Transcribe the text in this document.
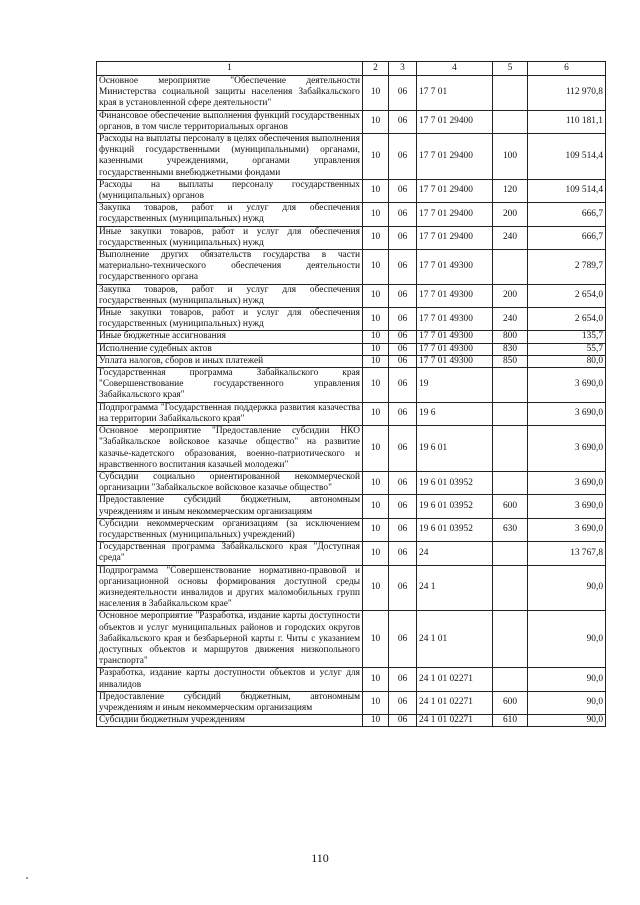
1	2	3	4	5	6
Основное мероприятие "Обеспечение деятельности Министерства социальной защиты населения Забайкальского края в установленной сфере деятельности"	10	06	17 7 01		112 970,8
Финансовое обеспечение выполнения функций государственных органов, в том числе территориальных органов	10	06	17 7 01 29400		110 181,1
Расходы на выплаты персоналу в целях обеспечения выполнения функций государственными (муниципальными) органами, казенными учреждениями, органами управления государственными внебюджетными фондами	10	06	17 7 01 29400	100	109 514,4
Расходы на выплаты персоналу государственных (муниципальных) органов	10	06	17 7 01 29400	120	109 514,4
Закупка товаров, работ и услуг для обеспечения государственных (муниципальных) нужд	10	06	17 7 01 29400	200	666,7
Иные закупки товаров, работ и услуг для обеспечения государственных (муниципальных) нужд	10	06	17 7 01 29400	240	666,7
Выполнение других обязательств государства в части материально-технического обеспечения деятельности государственного органа	10	06	17 7 01 49300		2 789,7
Закупка товаров, работ и услуг для обеспечения государственных (муниципальных) нужд	10	06	17 7 01 49300	200	2 654,0
Иные закупки товаров, работ и услуг для обеспечения государственных (муниципальных) нужд	10	06	17 7 01 49300	240	2 654,0
Иные бюджетные ассигнования	10	06	17 7 01 49300	800	135,7
Исполнение судебных актов	10	06	17 7 01 49300	830	55,7
Уплата налогов, сборов и иных платежей	10	06	17 7 01 49300	850	80,0
Государственная программа Забайкальского края "Совершенствование государственного управления Забайкальского края"	10	06	19		3 690,0
Подпрограмма "Государственная поддержка развития казачества на территории Забайкальского края"	10	06	19 6		3 690,0
Основное мероприятие "Предоставление субсидии НКО "Забайкальское войсковое казачье общество" на развитие казачье-кадетского образования, военно-патриотического и нравственного воспитания казачьей молодежи"	10	06	19 6 01		3 690,0
Субсидии социально ориентированной некоммерческой организации "Забайкальское войсковое казачье общество"	10	06	19 6 01 03952		3 690,0
Предоставление субсидий бюджетным, автономным учреждениям и иным некоммерческим организациям	10	06	19 6 01 03952	600	3 690,0
Субсидии некоммерческим организациям (за исключением государственных (муниципальных) учреждений)	10	06	19 6 01 03952	630	3 690,0
Государственная программа Забайкальского края "Доступная среда"	10	06	24		13 767,8
Подпрограмма "Совершенствование нормативно-правовой и организационной основы формирования доступной среды жизнедеятельности инвалидов и других маломобильных групп населения в Забайкальском крае"	10	06	24 1		90,0
Основное мероприятие "Разработка, издание карты доступности объектов и услуг муниципальных районов и городских округов Забайкальского края и безбарьерной карты г. Читы с указанием доступных объектов и маршрутов движения низкопольного транспорта"	10	06	24 1 01		90,0
Разработка, издание карты доступности объектов и услуг для инвалидов	10	06	24 1 01 02271		90,0
Предоставление субсидий бюджетным, автономным учреждениям и иным некоммерческим организациям	10	06	24 1 01 02271	600	90,0
Субсидии бюджетным учреждениям	10	06	24 1 01 02271	610	90,0
110
